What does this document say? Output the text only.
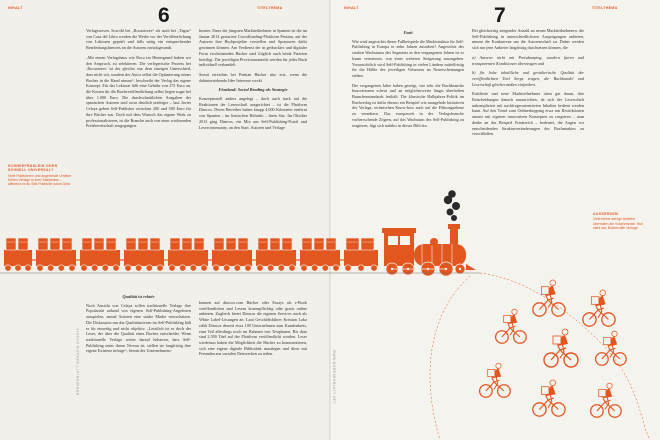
INHALT	6	TITELTHEMA

Verlagswesen. Sowohl bei „Rocaotores“ als auch bei „Tagus“ von Casa del Libro werden die Werke vor der Veröffentlichung von Lektoren geprüft und falls nötig ein entsprechender Bearbeitungshinweis an die Autoren zurückgesandt.

„Mit einem Verlagshaus wie Roca im Hintergrund haben wir den Anspruch, zu selektieren. Die verlegerische Prozess bei ‚Rocaotores‘ ist der gleiche, nur dem einzigen Unterschied, dass nicht wir, sondern der Autor selbst die Optimierung seines Buches in die Hand nimmt“, beschreibt der Verlag das eigene Konzept. Für das Lektorat fällt eine Gebühr von 275 Euro an, die Kosten für die Buchveröffentlichung selbst liegen sogar bei über 1.000 Euro. Die durchschnittlichen Ausgaben der spanischen Autoren sind zwar deutlich niedriger – laut Javier Celaya geben Self-Publisher zwischen 200 und 500 Euro für ihre Bücher aus. Doch mit dem Wunsch das eigene Werk zu professionalisieren, ist die Branche auch von einer wachsenden Preisbereitschaft ausgegangen.

berater. Einer der jüngsten Marktteilnehmer in Spanien ist die im Januar 2014 gestartete Crowdfunding-Plattform Pentian, auf der Autoren ihre Buchprojekte vorstellen und Sponsoren dafür gewinnen können. Am Verdienst der in gedruckter und digitaler Form erscheinenden Bücher sind folglich auch beide Parteien beteiligt. Die jeweiligen Provisionsanteile werden für jedes Buch individuell verhandelt.

Somit erreichen bei Pentian Bücher also erst, wenn die dahinterstehende Idee Interesse weckt.

Finnland: Social Reading als Strategie

Konzeptionell anders angelegt – doch auch stark auf die Reaktionen der Leserschaft ausgerichtet – ist die Plattform Dimcos. Deren Betreiber haben knapp 4.000 Kilometer entfernt von Spanien – im finnischen Helsinki – ihren Sitz. Im Oktober 2013 ging Dimcos, ein Mix aus Self-Publishing-Portal und Lesercommunity, an den Start. Autoren und Verlage

SCHNEEFRÄSLEIN ODER SCHNELL UNIVERSAL?
Viele Plattformen und angehende Urheber führen Verlage in ihrer Startphase – während es für Self-Publisher kaum Geld.
Qualität ist relativ

Nach Ansicht von Celaya sollen traditionelle Verlage ihre Popularität anhand von eigenen Self-Publishing-Angeboten ausspielen, zumal Autoren eine starke Marke wertschätzen. Die Diskussion um das Qualitätsniveau im Self-Publishing hält er für einseitig und nicht objektiv. „Letztlich ist es doch der Leser, der über die Qualität eines Buches entscheidet. Wenn traditionelle Verlage weiter darauf beharren, dass Self-Publishing unter ihrem Niveau ist, stellen sie langfristig ihre eigene Existenz infrage“, betont der Unternehmens-

können auf dimcos.com Bücher oder Essays als e-Book veröffentlichen und Lesern kostenpflichtig oder gratis online anbieten. Zugleich bietet Dimcos die eigenen Services auch als White Label-Lösungen an. Laut Geschäftsführer Kristian Lako zählt Dimcos derzeit etwa 100 Unternehmen zum Kundenkreis, zum Teil allerdings noch im Rahmen von Testphasen. Bis dato sind 2.500 Titel auf der Plattform veröffentlicht worden. Leser wiederum haben die Möglichkeit die Bücher zu kommentieren, sich eine eigene digitale Bibliothek anzulegen und diese mit Freunden aus sozialen Netzwerken zu teilen.

BÖRSENBLATT MAGAZIN 03/2015
INHALT	7	TITELTHEMA
Fazit

Wie wird angesichts dieser Fallbeispiele die Marktstruktur für Self-Publishing in Europa in zehn Jahren aussehen? Angesichts des starken Wachstums des Segments in den vergangenen Jahren ist es kaum vermessen, von einer weiteren Steigerung auszugehen. Vorausichtlich wird Self-Publishing in vielen Ländern mittelfristig für die Hälfte des jeweiligen Volumens an Neuerscheinungen stehen.

Die vergangenen Jahre haben gezeigt, wie sehr die Buchbranche Innovationen scheut und an möglicherweise längst überholten Branchenstandards festhält. Die klassische Halbjahres-Politik im Buchverlag ist dafür ebenso ein Beispiel wie mangelnde Initiativen der Verlage, technischen Know-how auch auf die Führungsebene zu verankern. Das europaweit in der Verlagsbranche vorherrschende Zögern, auf das Wachstum des Self-Publishing zu reagieren, fügt sich nahtlos in dieses Bild ein.

Bei gleichzeitig steigender Anzahl an neuen Marktteilnehmern, die Self-Publishing in unterschiedlichsten Ausprägungen anbieten, nimmt die Konkurrenz um die Autorenschaft zu. Daher werden sich nur jene Anbieter langfristig durchsetzen können, die

a) Autoren nicht mit Preisdumping, sondern fairen und transparenten Konditionen überzeugen und

b) für hohe inhaltliche und gestalterische Qualität der veröffentlichten Titel Sorge tragen, die Buchhandel und Leserschaft gleichermaßen einfordern.

Etablierte und neue Marktteilnehmer täten gut daran, ihre Entscheidungen danach auszurichten, da sich der Leserschaft unkompliziert mit nachfragerorientierten Inhalten bedient werden kann. Auf den Trend zum Onlineshopping etwa mit Restriktionen anstatt mit eigenen innovativen Konzepten zu reagieren – man denke an das Beispiel Frankreich – bedeutet, die Augen vor entscheidenden Strukturveränderungen des Buchmarktes zu verschließen.

AUSSERDEM
Viele kleine wenige Anbieter übertrafen die Vorjahresrate. Nun steht das Bücherraffe Verlage.
WWW.BOERSENBLATT.NET
